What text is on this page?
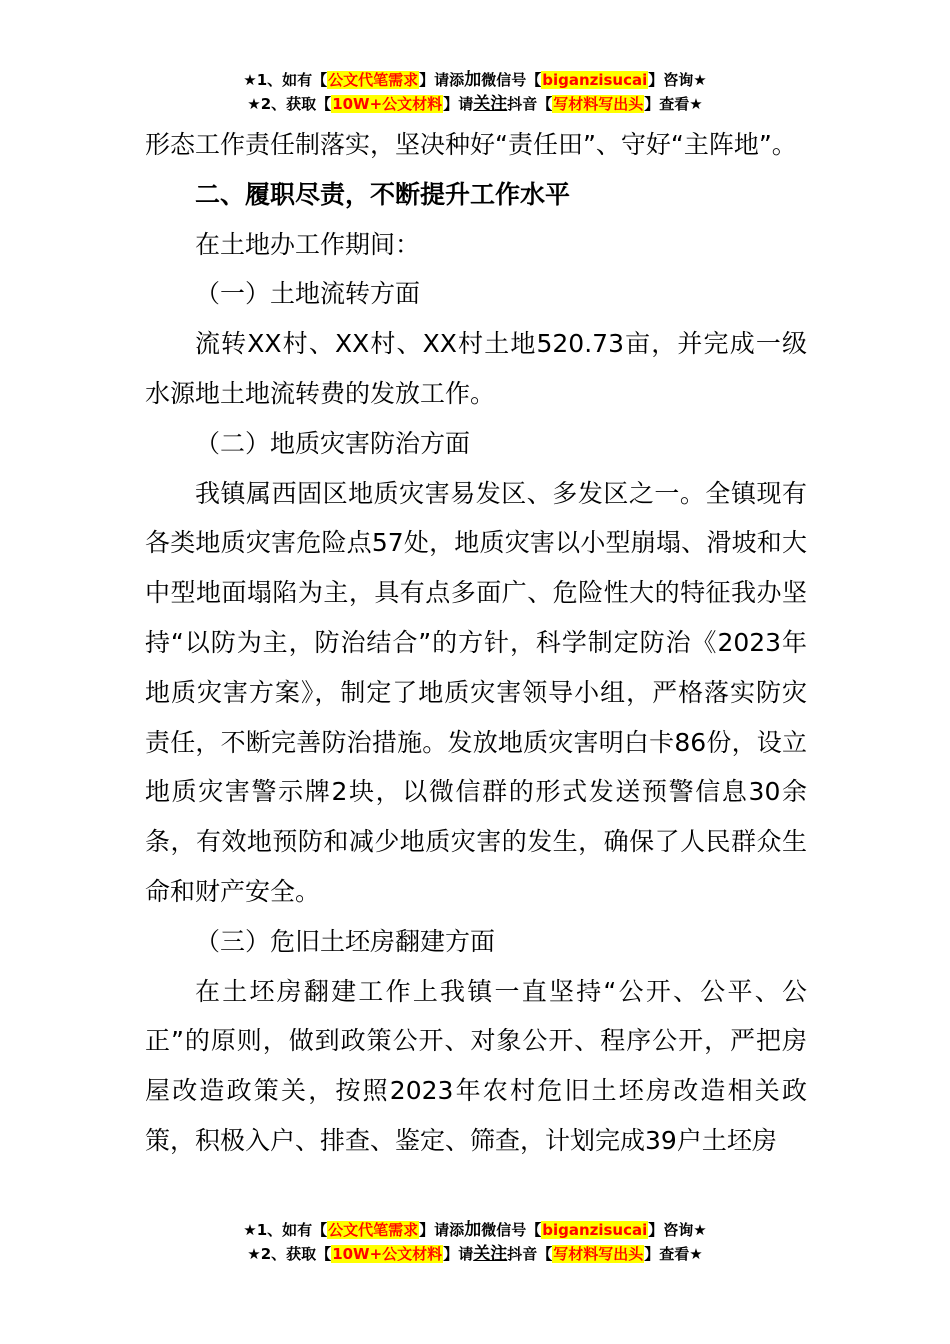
★1、如有【公文代笔需求】请添加微信号【biganzisucai】咨询★
★2、获取【10W+公文材料】请关注抖音【写材料写出头】查看★

形态工作责任制落实，坚决种好“责任田”、守好“主阵地”。

二、履职尽责，不断提升工作水平

在土地办工作期间：

（一）土地流转方面

流转XX村、XX村、XX村土地520.73亩，并完成一级水源地土地流转费的发放工作。

（二）地质灾害防治方面

我镇属西固区地质灾害易发区、多发区之一。全镇现有各类地质灾害危险点57处，地质灾害以小型崩塌、滑坡和大中型地面塌陷为主，具有点多面广、危险性大的特征我办坚持“以防为主，防治结合”的方针，科学制定防治《2023年地质灾害方案》，制定了地质灾害领导小组，严格落实防灾责任，不断完善防治措施。发放地质灾害明白卡86份，设立地质灾害警示牌2块，以微信群的形式发送预警信息30余条，有效地预防和减少地质灾害的发生，确保了人民群众生命和财产安全。

（三）危旧土坯房翻建方面

在土坯房翻建工作上我镇一直坚持“公开、公平、公正”的原则，做到政策公开、对象公开、程序公开，严把房屋改造政策关，按照2023年农村危旧土坯房改造相关政策，积极入户、排查、鉴定、筛查，计划完成39户土坯房

★1、如有【公文代笔需求】请添加微信号【biganzisucai】咨询★
★2、获取【10W+公文材料】请关注抖音【写材料写出头】查看★
